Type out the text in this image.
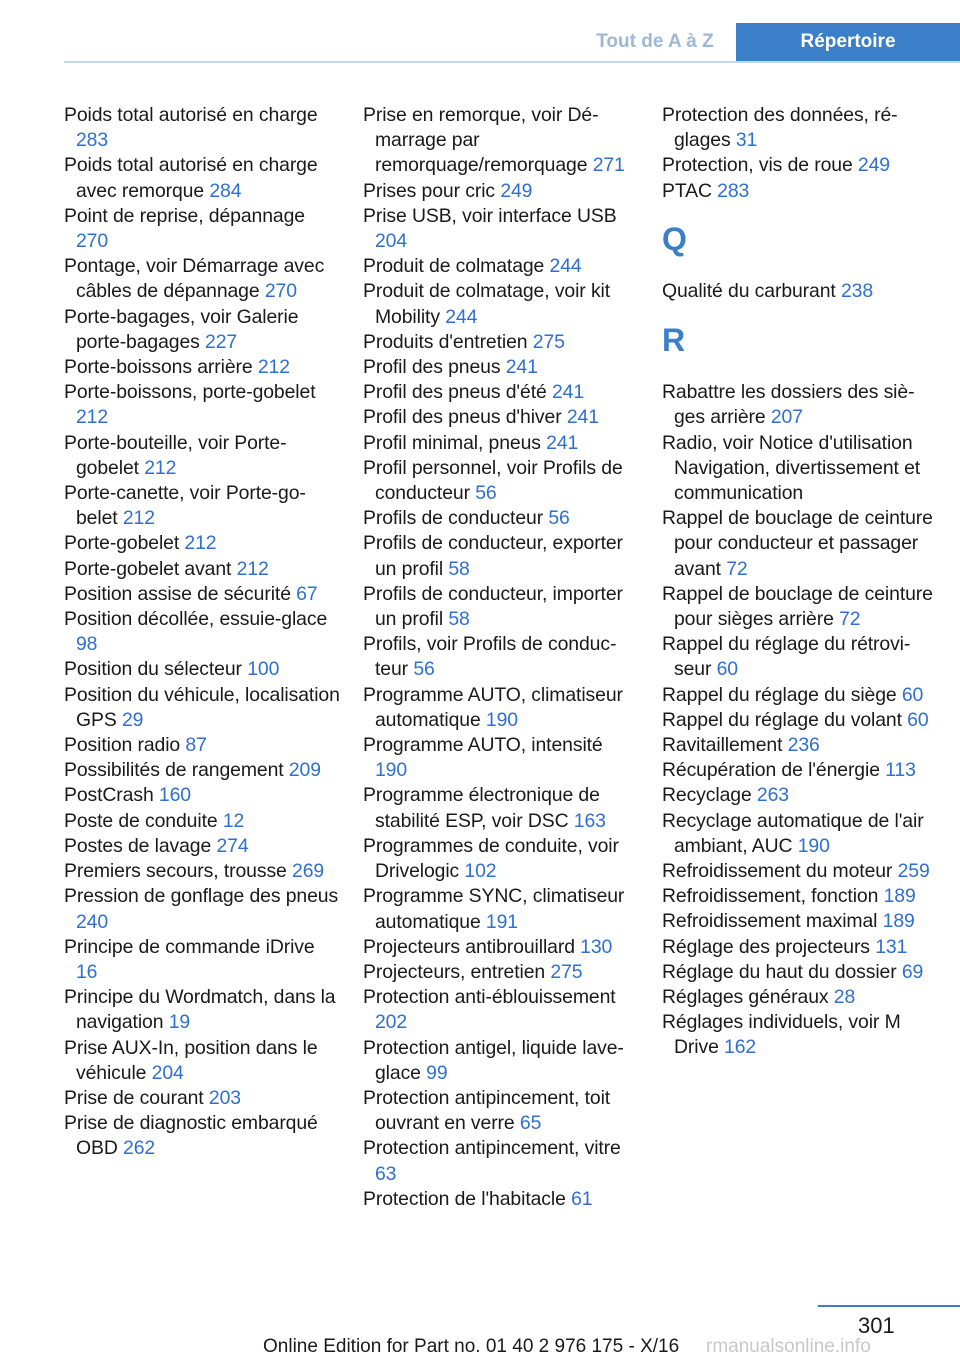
Tout de A à Z	Répertoire
Poids total autorisé en charge 283
Poids total autorisé en charge avec remorque 284
Point de reprise, dépannage 270
Pontage, voir Démarrage avec câbles de dépannage 270
Porte-bagages, voir Galerie porte-bagages 227
Porte-boissons arrière 212
Porte-boissons, porte-gobelet 212
Porte-bouteille, voir Porte-gobelet 212
Porte-canette, voir Porte-gobelet 212
Porte-gobelet 212
Porte-gobelet avant 212
Position assise de sécurité 67
Position décollée, essuie-glace 98
Position du sélecteur 100
Position du véhicule, localisation GPS 29
Position radio 87
Possibilités de rangement 209
PostCrash 160
Poste de conduite 12
Postes de lavage 274
Premiers secours, trousse 269
Pression de gonflage des pneus 240
Principe de commande iDrive 16
Principe du Wordmatch, dans la navigation 19
Prise AUX-In, position dans le véhicule 204
Prise de courant 203
Prise de diagnostic embarqué OBD 262
Prise en remorque, voir Démarrage par remorquage/remorquage 271
Prises pour cric 249
Prise USB, voir interface USB 204
Produit de colmatage 244
Produit de colmatage, voir kit Mobility 244
Produits d'entretien 275
Profil des pneus 241
Profil des pneus d'été 241
Profil des pneus d'hiver 241
Profil minimal, pneus 241
Profil personnel, voir Profils de conducteur 56
Profils de conducteur 56
Profils de conducteur, exporter un profil 58
Profils de conducteur, importer un profil 58
Profils, voir Profils de conducteur 56
Programme AUTO, climatiseur automatique 190
Programme AUTO, intensité 190
Programme électronique de stabilité ESP, voir DSC 163
Programmes de conduite, voir Drivelogic 102
Programme SYNC, climatiseur automatique 191
Projecteurs antibrouillard 130
Projecteurs, entretien 275
Protection anti-éblouissement 202
Protection antigel, liquide lave-glace 99
Protection antipincement, toit ouvrant en verre 65
Protection antipincement, vitre 63
Protection de l'habitacle 61
Protection des données, réglages 31
Protection, vis de roue 249
PTAC 283
Q
Qualité du carburant 238
R
Rabattre les dossiers des sièges arrière 207
Radio, voir Notice d'utilisation Navigation, divertissement et communication
Rappel de bouclage de ceinture pour conducteur et passager avant 72
Rappel de bouclage de ceinture pour sièges arrière 72
Rappel du réglage du rétroviseur 60
Rappel du réglage du siège 60
Rappel du réglage du volant 60
Ravitaillement 236
Récupération de l'énergie 113
Recyclage 263
Recyclage automatique de l'air ambiant, AUC 190
Refroidissement du moteur 259
Refroidissement, fonction 189
Refroidissement maximal 189
Réglage des projecteurs 131
Réglage du haut du dossier 69
Réglages généraux 28
Réglages individuels, voir M Drive 162
301
Online Edition for Part no. 01 40 2 976 175 - X/16 rmanualsonline.info
